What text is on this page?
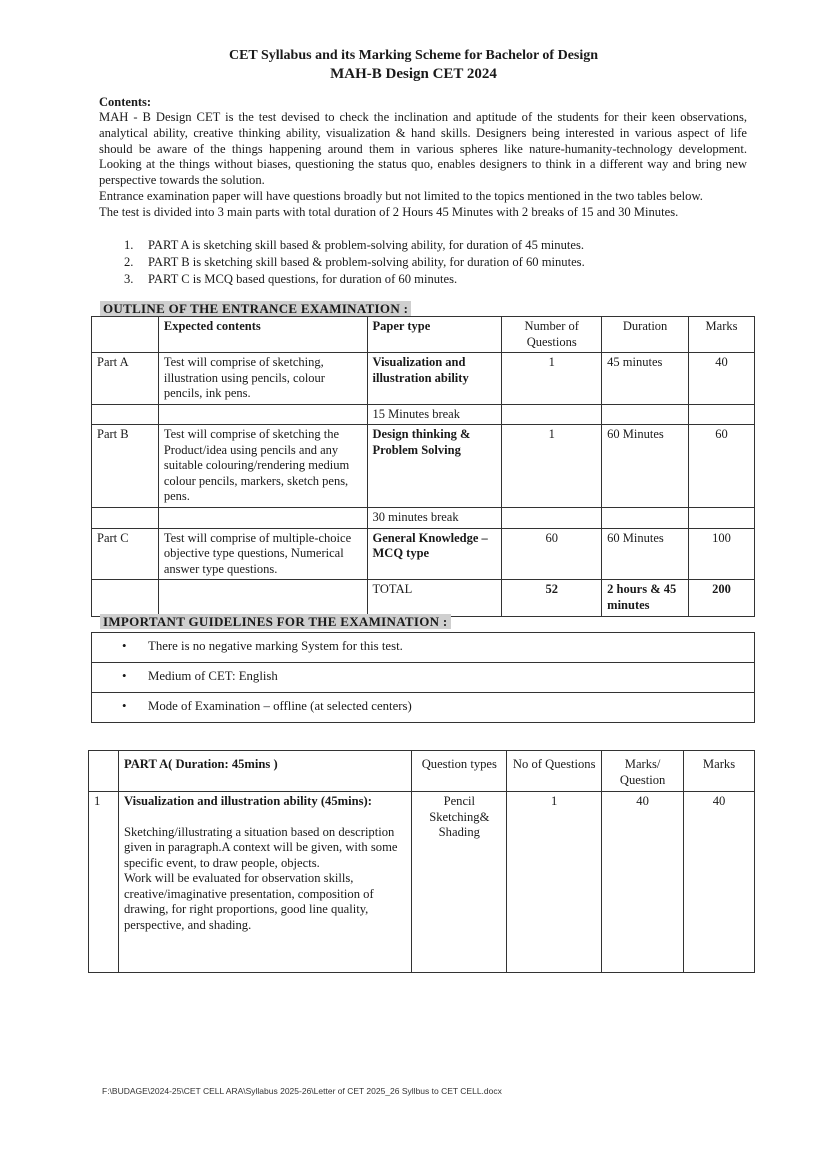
CET Syllabus and its Marking Scheme for Bachelor of Design
MAH-B Design CET 2024
Contents:

MAH - B Design CET is the test devised to check the inclination and aptitude of the students for their keen observations, analytical ability, creative thinking ability, visualization & hand skills. Designers being interested in various aspect of life should be aware of the things happening around them in various spheres like nature-humanity-technology development. Looking at the things without biases, questioning the status quo, enables designers to think in a different way and bring new perspective towards the solution.

Entrance examination paper will have questions broadly but not limited to the topics mentioned in the two tables below.

The test is divided into 3 main parts with total duration of 2 Hours 45 Minutes with 2 breaks of 15 and 30 Minutes.

1. PART A is sketching skill based & problem-solving ability, for duration of 45 minutes.
2. PART B is sketching skill based & problem-solving ability, for duration of 60 minutes.
3. PART C is MCQ based questions, for duration of 60 minutes.
OUTLINE OF THE ENTRANCE EXAMINATION :
	Expected contents	Paper type	Number of Questions	Duration	Marks
Part A	Test will comprise of sketching, illustration using pencils, colour pencils, ink pens.	Visualization and illustration ability	1	45 minutes	40
		15 Minutes break			
Part B	Test will comprise of sketching the Product/idea using pencils and any suitable colouring/rendering medium colour pencils, markers, sketch pens, pens.	Design thinking & Problem Solving	1	60 Minutes	60
		30 minutes break			
Part C	Test will comprise of multiple-choice objective type questions, Numerical answer type questions.	General Knowledge – MCQ type	60	60 Minutes	100
		TOTAL	52	2 hours & 45 minutes	200
IMPORTANT GUIDELINES FOR THE EXAMINATION :
• There is no negative marking System for this test.
• Medium of CET: English
• Mode of Examination – offline (at selected centers)
	PART A( Duration: 45mins )	Question types	No of Questions	Marks/ Question	Marks
1	Visualization and illustration ability (45mins):
Sketching/illustrating a situation based on description given in paragraph.A context will be given, with some specific event, to draw people, objects.
Work will be evaluated for observation skills, creative/imaginative presentation, composition of drawing, for right proportions, good line quality, perspective, and shading.	Pencil Sketching& Shading	1	40	40
F:\BUDAGE\2024-25\CET CELL ARA\Syllabus 2025-26\Letter of CET 2025_26 Syllbus to CET CELL.docx
